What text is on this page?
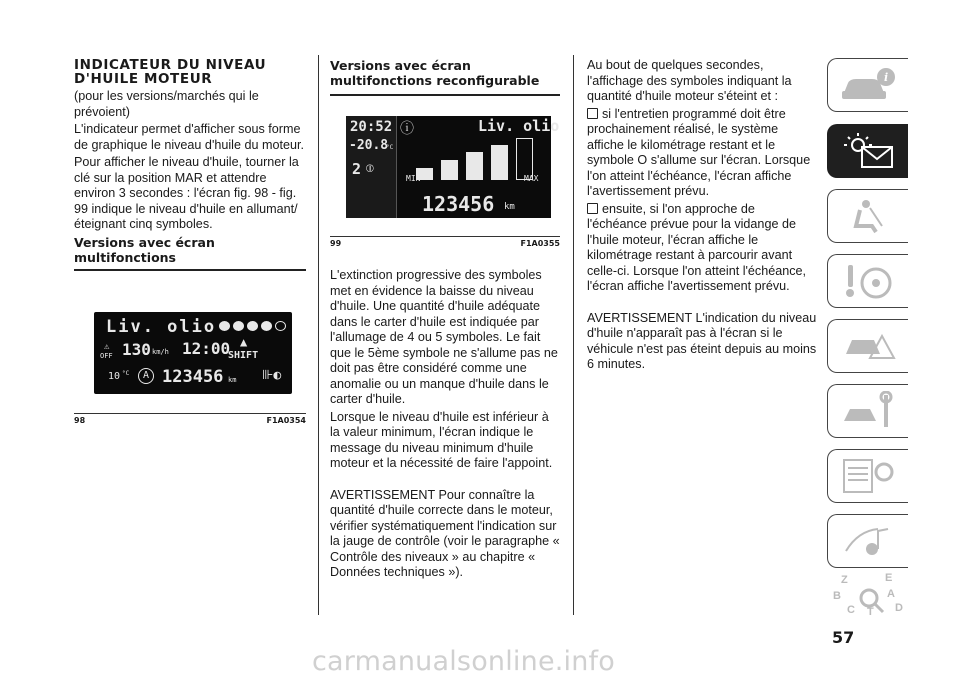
INDICATEUR DU NIVEAU
D'HUILE MOTEUR

(pour les versions/marchés qui le prévoient)

L'indicateur permet d'afficher sous forme de graphique le niveau d'huile du moteur.

Pour afficher le niveau d'huile, tourner la clé sur la position MAR et attendre environ 3 secondes : l'écran fig. 98 - fig. 99 indique le niveau d'huile en allumant/éteignant cinq symboles.

Versions avec écran multifonctions
98	F1A0354
Liv. olio
⚠
OFF 130 km/h 12:00 ▲
SHIFT
10 °C	A 123456 km ⊪◐
Versions avec écran multifonctions reconfigurable
99	F1A0355

L'extinction progressive des symboles met en évidence la baisse du niveau d'huile. Une quantité d'huile adéquate dans le carter d'huile est indiquée par l'allumage de 4 ou 5 symboles. Le fait que le 5ème symbole ne s'allume pas ne doit pas être considéré comme une anomalie ou un manque d'huile dans le carter d'huile.

Lorsque le niveau d'huile est inférieur à la valeur minimum, l'écran indique le message du niveau minimum d'huile moteur et la nécessité de faire l'appoint.

AVERTISSEMENT Pour connaître la quantité d'huile correcte dans le moteur, vérifier systématiquement l'indication sur la jauge de contrôle (voir le paragraphe « Contrôle des niveaux » au chapitre « Données techniques »).

20:52
-20.8
°C
2 ⦶
ⓘ	Liv. olio
MIN	MAX
123456 km

Au bout de quelques secondes, l'affichage des symboles indiquant la quantité d'huile moteur s'éteint et :

si l'entretien programmé doit être prochainement réalisé, le système affiche le kilométrage restant et le symbole O s'allume sur l'écran. Lorsque l'on atteint l'échéance, l'écran affiche l'avertissement prévu.

ensuite, si l'on approche de l'échéance prévue pour la vidange de l'huile moteur, l'écran affiche le kilométrage restant à parcourir avant celle-ci. Lorsque l'on atteint l'échéance, l'écran affiche l'avertissement prévu.

AVERTISSEMENT L'indication du niveau d'huile n'apparaît pas à l'écran si le véhicule n'est pas éteint depuis au moins 6 minutes.

i
Z	E
B	A
C T D
57
carmanualsonline.info
